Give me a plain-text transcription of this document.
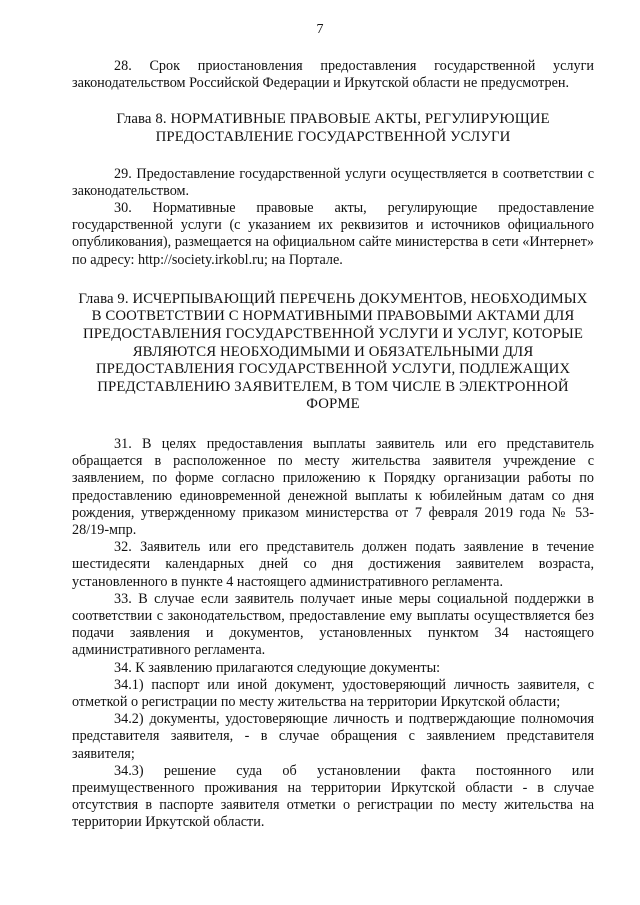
7

28. Срок приостановления предоставления государственной услуги законодательством Российской Федерации и Иркутской области не предусмотрен.

Глава 8. НОРМАТИВНЫЕ ПРАВОВЫЕ АКТЫ, РЕГУЛИРУЮЩИЕ ПРЕДОСТАВЛЕНИЕ ГОСУДАРСТВЕННОЙ УСЛУГИ

29. Предоставление государственной услуги осуществляется в соответствии с законодательством.

30. Нормативные правовые акты, регулирующие предоставление государственной услуги (с указанием их реквизитов и источников официального опубликования), размещается на официальном сайте министерства в сети «Интернет» по адресу: http://society.irkobl.ru; на Портале.

Глава 9. ИСЧЕРПЫВАЮЩИЙ ПЕРЕЧЕНЬ ДОКУМЕНТОВ, НЕОБХОДИМЫХ В СООТВЕТСТВИИ С НОРМАТИВНЫМИ ПРАВОВЫМИ АКТАМИ ДЛЯ ПРЕДОСТАВЛЕНИЯ ГОСУДАРСТВЕННОЙ УСЛУГИ И УСЛУГ, КОТОРЫЕ ЯВЛЯЮТСЯ НЕОБХОДИМЫМИ И ОБЯЗАТЕЛЬНЫМИ ДЛЯ ПРЕДОСТАВЛЕНИЯ ГОСУДАРСТВЕННОЙ УСЛУГИ, ПОДЛЕЖАЩИХ ПРЕДСТАВЛЕНИЮ ЗАЯВИТЕЛЕМ, В ТОМ ЧИСЛЕ В ЭЛЕКТРОННОЙ ФОРМЕ

31. В целях предоставления выплаты заявитель или его представитель обращается в расположенное по месту жительства заявителя учреждение с заявлением, по форме согласно приложению к Порядку организации работы по предоставлению единовременной денежной выплаты к юбилейным датам со дня рождения, утвержденному приказом министерства от 7 февраля 2019 года № 53-28/19-мпр.

32. Заявитель или его представитель должен подать заявление в течение шестидесяти календарных дней со дня достижения заявителем возраста, установленного в пункте 4 настоящего административного регламента.

33. В случае если заявитель получает иные меры социальной поддержки в соответствии с законодательством, предоставление ему выплаты осуществляется без подачи заявления и документов, установленных пунктом 34 настоящего административного регламента.

34. К заявлению прилагаются следующие документы:

34.1) паспорт или иной документ, удостоверяющий личность заявителя, с отметкой о регистрации по месту жительства на территории Иркутской области;

34.2) документы, удостоверяющие личность и подтверждающие полномочия представителя заявителя, - в случае обращения с заявлением представителя заявителя;

34.3) решение суда об установлении факта постоянного или преимущественного проживания на территории Иркутской области - в случае отсутствия в паспорте заявителя отметки о регистрации по месту жительства на территории Иркутской области.
